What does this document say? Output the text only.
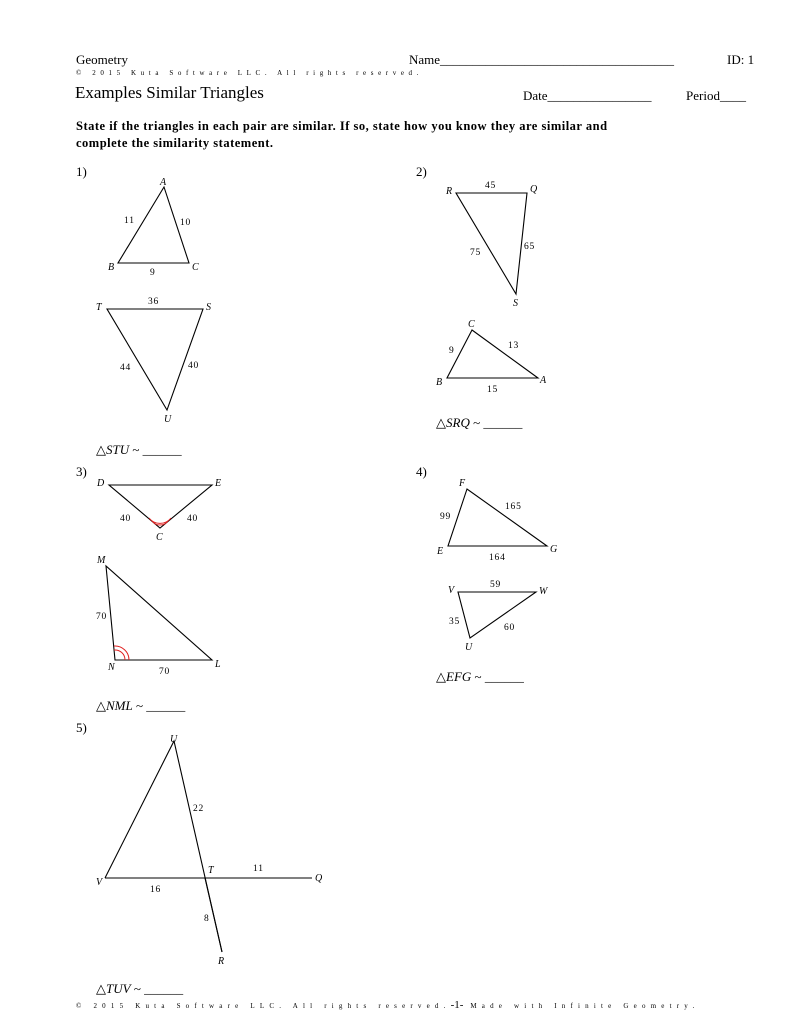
Geometry	Name____________________________________	ID: 1
© 2015 Kuta Software LLC. All rights reserved.
Examples Similar Triangles	Date________________	Period____
State if the triangles in each pair are similar. If so, state how you know they are similar and
complete the similarity statement.
1)	2)
3)	4)
5)
△STU ~ ______
△SRQ ~ ______
△NML ~ ______
△EFG ~ ______
△TUV ~ ______
A
B	C
11	10
9
T	S
U
36
44	40
R	Q
S
45
75
65
C
B	A
9	13
15
D	E
C
40	40
M
N	L
70
70
F
E	G
99
165
164
V	W
U
59
35
60
U
T
V	Q
R
22
11
16
8
© 2015 Kuta Software LLC. All rights reserved.-1- Made with Infinite Geometry.
